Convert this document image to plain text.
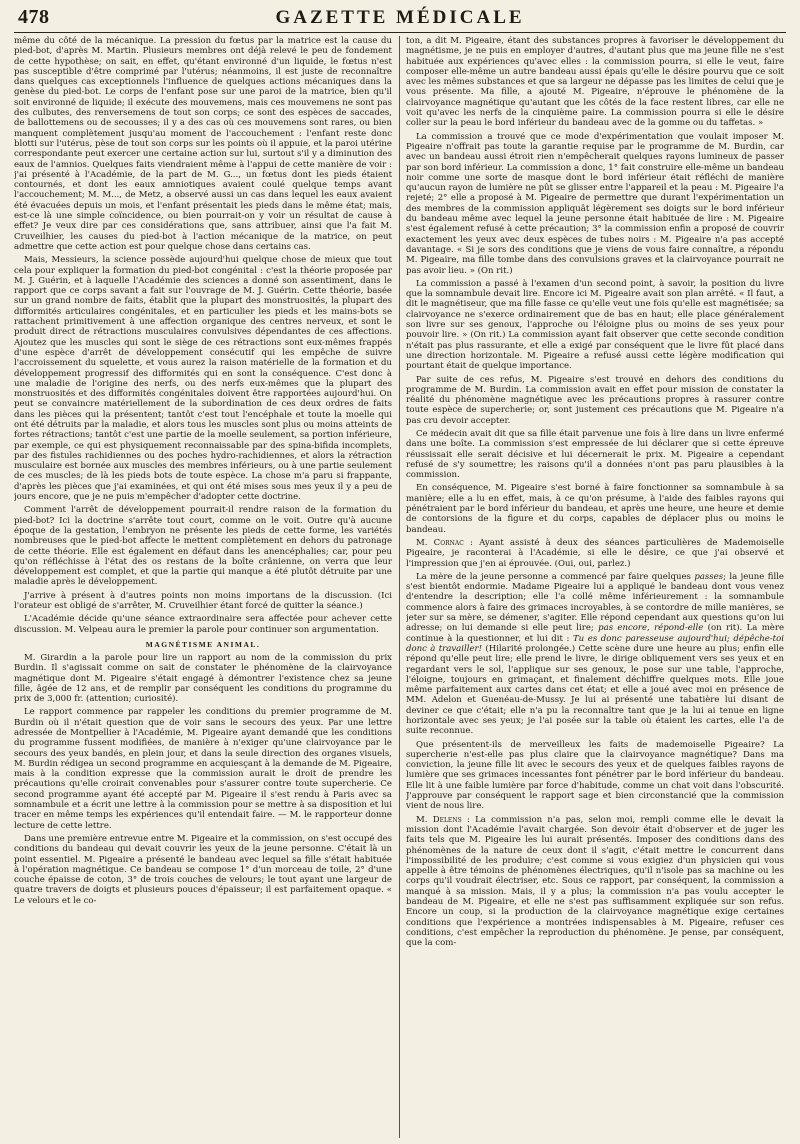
478	GAZETTE MÉDICALE

même du côté de la mécanique. La pression du fœtus par la matrice est la cause du pied-bot, d'après M. Martin. Plusieurs membres ont déjà relevé le peu de fondement de cette hypothèse; on sait, en effet, qu'étant environné d'un liquide, le fœtus n'est pas susceptible d'être comprimé par l'utérus; néanmoins, il est juste de reconnaître dans quelques cas exceptionnels l'influence de quelques actions mécaniques dans la genèse du pied-bot. Le corps de l'enfant pose sur une paroi de la matrice, bien qu'il soit environné de liquide; il exécute des mouvemens, mais ces mouvemens ne sont pas des culbutes, des renversemens de tout son corps; ce sont des espèces de saccades, de ballottemens ou de secousses; il y a des cas où ces mouvemens sont rares, ou bien manquent complètement jusqu'au moment de l'accouchement : l'enfant reste donc blotti sur l'utérus, pèse de tout son corps sur les points où il appuie, et la paroi utérine correspondante peut exercer une certaine action sur lui, surtout s'il y a diminution des eaux de l'amnios. Quelques faits viendraient même à l'appui de cette manière de voir : j'ai présenté à l'Académie, de la part de M. G..., un fœtus dont les pieds étaient contournés, et dont les eaux amniotiques avaient coulé quelque temps avant l'accouchement; M. M..., de Metz, a observé aussi un cas dans lequel les eaux avaient été évacuées depuis un mois, et l'enfant présentait les pieds dans le même état; mais, est-ce là une simple coïncidence, ou bien pourrait-on y voir un résultat de cause à effet? Je veux dire par ces considérations que, sans attribuer, ainsi que l'a fait M. Cruveilhier, les causes du pied-bot à l'action mécanique de la matrice, on peut admettre que cette action est pour quelque chose dans certains cas.

Mais, Messieurs, la science possède aujourd'hui quelque chose de mieux que tout cela pour expliquer la formation du pied-bot congénital : c'est la théorie proposée par M. J. Guérin, et à laquelle l'Académie des sciences a donné son assentiment, dans le rapport que ce corps savant a fait sur l'ouvrage de M. J. Guérin. Cette théorie, basée sur un grand nombre de faits, établit que la plupart des monstruosités, la plupart des difformités articulaires congénitales, et en particulier les pieds et les mains-bots se rattachent primitivement à une affection organique des centres nerveux, et sont le produit direct de rétractions musculaires convulsives dépendantes de ces affections. Ajoutez que les muscles qui sont le siège de ces rétractions sont eux-mêmes frappés d'une espèce d'arrêt de développement consécutif qui les empêche de suivre l'accroissement du squelette, et vous aurez la raison matérielle de la formation et du développement progressif des difformités qui en sont la conséquence. C'est donc à une maladie de l'origine des nerfs, ou des nerfs eux-mêmes que la plupart des monstruosités et des difformités congénitales doivent être rapportées aujourd'hui. On peut se convaincre matériellement de la subordination de ces deux ordres de faits dans les pièces qui la présentent; tantôt c'est tout l'encéphale et toute la moelle qui ont été détruits par la maladie, et alors tous les muscles sont plus ou moins atteints de fortes rétractions; tantôt c'est une partie de la moelle seulement, sa portion inférieure, par exemple, ce qui est physiquement reconnaissable par des spina-bifida incomplets, par des fistules rachidiennes ou des poches hydro-rachidiennes, et alors la rétraction musculaire est bornée aux muscles des membres inférieurs, ou à une partie seulement de ces muscles; de là les pieds bots de toute espèce. La chose m'a paru si frappante, d'après les pièces que j'ai examinées, et qui ont été mises sous mes yeux il y a peu de jours encore, que je ne puis m'empêcher d'adopter cette doctrine.

Comment l'arrêt de développement pourrait-il rendre raison de la formation du pied-bot? Ici la doctrine s'arrête tout court, comme on le voit. Outre qu'à aucune époque de la gestation, l'embryon ne présente les pieds de cette forme, les variétés nombreuses que le pied-bot affecte le mettent complètement en dehors du patronage de cette théorie. Elle est également en défaut dans les anencéphalies; car, pour peu qu'on réfléchisse à l'état des os restans de la boîte crânienne, on verra que leur développement est complet, et que la partie qui manque a été plutôt détruite par une maladie après le développement.

J'arrive à présent à d'autres points non moins importans de la discussion. (Ici l'orateur est obligé de s'arrêter, M. Cruveilhier étant forcé de quitter la séance.)

L'Académie décide qu'une séance extraordinaire sera affectée pour achever cette discussion. M. Velpeau aura le premier la parole pour continuer son argumentation.

MAGNÉTISME ANIMAL.

M. Girardin a la parole pour lire un rapport au nom de la commission du prix Burdin. Il s'agissait comme on sait de constater le phénomène de la clairvoyance magnétique dont M. Pigeaire s'était engagé à démontrer l'existence chez sa jeune fille, âgée de 12 ans, et de remplir par conséquent les conditions du programme du prix de 3,000 fr. (attention; curiosité).

Le rapport commence par rappeler les conditions du premier programme de M. Burdin où il n'était question que de voir sans le secours des yeux. Par une lettre adressée de Montpellier à l'Académie, M. Pigeaire ayant demandé que les conditions du programme fussent modifiées, de manière à n'exiger qu'une clairvoyance par le secours des yeux bandés, en plein jour, et dans la seule direction des organes visuels, M. Burdin rédigea un second programme en acquiesçant à la demande de M. Pigeaire, mais à la condition expresse que la commission aurait le droit de prendre les précautions qu'elle croirait convenables pour s'assurer contre toute supercherie. Ce second programme ayant été accepté par M. Pigeaire il s'est rendu à Paris avec sa somnambule et a écrit une lettre à la commission pour se mettre à sa disposition et lui tracer en même temps les expériences qu'il entendait faire. — M. le rapporteur donne lecture de cette lettre.

Dans une première entrevue entre M. Pigeaire et la commission, on s'est occupé des conditions du bandeau qui devait couvrir les yeux de la jeune personne. C'était là un point essentiel. M. Pigeaire a présenté le bandeau avec lequel sa fille s'était habituée à l'opération magnétique. Ce bandeau se compose 1° d'un morceau de toile, 2° d'une couche épaisse de coton, 3° de trois couches de velours; le tout ayant une largeur de quatre travers de doigts et plusieurs pouces d'épaisseur; il est parfaitement opaque. « Le velours et le co-

ton, a dit M. Pigeaire, étant des substances propres à favoriser le développement du magnétisme, je ne puis en employer d'autres, d'autant plus que ma jeune fille ne s'est habituée aux expériences qu'avec elles : la commission pourra, si elle le veut, faire composer elle-même un autre bandeau aussi épais qu'elle le désire pourvu que ce soit avec les mêmes substances et que sa largeur ne dépasse pas les limites de celui que je vous présente. Ma fille, a ajouté M. Pigeaire, n'éprouve le phénomène de la clairvoyance magnétique qu'autant que les côtés de la face restent libres, car elle ne voit qu'avec les nerfs de la cinquième paire. La commission pourra si elle le désire coller sur la peau le bord inférieur du bandeau avec de la gomme ou du taffetas. »

La commission a trouvé que ce mode d'expérimentation que voulait imposer M. Pigeaire n'offrait pas toute la garantie requise par le programme de M. Burdin, car avec un bandeau aussi étroit rien n'empêcherait quelques rayons lumineux de passer par son bord inférieur. La commission a donc, 1° fait construire elle-même un bandeau noir comme une sorte de masque dont le bord inférieur était réfléchi de manière qu'aucun rayon de lumière ne pût se glisser entre l'appareil et la peau : M. Pigeaire l'a rejeté; 2° elle a proposé à M. Pigeaire de permettre que durant l'expérimentation un des membres de la commission appliquât légèrement ses doigts sur le bord inférieur du bandeau même avec lequel la jeune personne était habituée de lire : M. Pigeaire s'est également refusé à cette précaution; 3° la commission enfin a proposé de couvrir exactement les yeux avec deux espèces de tubes noirs : M. Pigeaire n'a pas accepté davantage. « Si je sors des conditions que je viens de vous faire connaître, a répondu M. Pigeaire, ma fille tombe dans des convulsions graves et la clairvoyance pourrait ne pas avoir lieu. » (On rit.)

La commission a passé à l'examen d'un second point, à savoir, la position du livre que la somnambule devait lire. Encore ici M. Pigeaire avait son plan arrêté. « Il faut, a dit le magnétiseur, que ma fille fasse ce qu'elle veut une fois qu'elle est magnétisée; sa clairvoyance ne s'exerce ordinairement que de bas en haut; elle place généralement son livre sur ses genoux, l'approche ou l'éloigne plus ou moins de ses yeux pour pouvoir lire. » (On rit.) La commission ayant fait observer que cette seconde condition n'était pas plus rassurante, et elle a exigé par conséquent que le livre fût placé dans une direction horizontale. M. Pigeaire a refusé aussi cette légère modification qui pourtant était de quelque importance.

Par suite de ces refus, M. Pigeaire s'est trouvé en dehors des conditions du programme de M. Burdin. La commission avait en effet pour mission de constater la réalité du phénomène magnétique avec les précautions propres à rassurer contre toute espèce de supercherie; or, sont justement ces précautions que M. Pigeaire n'a pas cru devoir accepter.

Ce médecin avait dit que sa fille était parvenue une fois à lire dans un livre enfermé dans une boîte. La commission s'est empressée de lui déclarer que si cette épreuve réussissait elle serait décisive et lui décernerait le prix. M. Pigeaire a cependant refusé de s'y soumettre; les raisons qu'il a données n'ont pas paru plausibles à la commission.

En conséquence, M. Pigeaire s'est borné à faire fonctionner sa somnambule à sa manière; elle a lu en effet, mais, à ce qu'on présume, à l'aide des faibles rayons qui pénétraient par le bord inférieur du bandeau, et après une heure, une heure et demie de contorsions de la figure et du corps, capables de déplacer plus ou moins le bandeau.

M. Cornac : Ayant assisté à deux des séances particulières de Mademoiselle Pigeaire, je raconterai à l'Académie, si elle le désire, ce que j'ai observé et l'impression que j'en ai éprouvée. (Oui, oui, parlez.)

La mère de la jeune personne a commencé par faire quelques passes; la jeune fille s'est bientôt endormie. Madame Pigeaire lui a appliqué le bandeau dont vous venez d'entendre la description; elle l'a collé même inférieurement : la somnambule commence alors à faire des grimaces incroyables, à se contordre de mille manières, se jeter sur sa mère, se démener, s'agiter. Elle répond cependant aux questions qu'on lui adresse; on lui demande si elle peut lire; pas encore, répond-elle (on rit). La mère continue à la questionner, et lui dit : Tu es donc paresseuse aujourd'hui; dépêche-toi donc à travailler! (Hilarité prolongée.) Cette scène dure une heure au plus; enfin elle répond qu'elle peut lire; elle prend le livre, le dirige obliquement vers ses yeux et en regardant vers le sol, l'applique sur ses genoux, le pose sur une table, l'approche, l'éloigne, toujours en grimaçant, et finalement déchiffre quelques mots. Elle joue même parfaitement aux cartes dans cet état; et elle a joué avec moi en présence de MM. Adelon et Guenéau-de-Mussy. Je lui ai présenté une tabatière lui disant de deviner ce que c'était; elle n'a pu la reconnaître tant que je la lui ai tenue en ligne horizontale avec ses yeux; je l'ai posée sur la table où étaient les cartes, elle l'a de suite reconnue.

Que présentent-ils de merveilleux les faits de mademoiselle Pigeaire? La supercherie n'est-elle pas plus claire que la clairvoyance magnétique? Dans ma conviction, la jeune fille lit avec le secours des yeux et de quelques faibles rayons de lumière que ses grimaces incessantes font pénétrer par le bord inférieur du bandeau. Elle lit à une faible lumière par force d'habitude, comme un chat voit dans l'obscurité. J'approuve par conséquent le rapport sage et bien circonstancié que la commission vient de nous lire.

M. Delens : La commission n'a pas, selon moi, rempli comme elle le devait la mission dont l'Académie l'avait chargée. Son devoir était d'observer et de juger les faits tels que M. Pigeaire les lui aurait présentés. Imposer des conditions dans des phénomènes de la nature de ceux dont il s'agit, c'était mettre le concurrent dans l'impossibilité de les produire; c'est comme si vous exigiez d'un physicien qui vous appelle à être témoins de phénomènes électriques, qu'il n'isole pas sa machine ou les corps qu'il voudrait électriser, etc. Sous ce rapport, par conséquent, la commission a manqué à sa mission. Mais, il y a plus; la commission n'a pas voulu accepter le bandeau de M. Pigeaire, et elle ne s'est pas suffisamment expliquée sur son refus. Encore un coup, si la production de la clairvoyance magnétique exige certaines conditions que l'expérience a montrées indispensables à M. Pigeaire, refuser ces conditions, c'est empêcher la reproduction du phénomène. Je pense, par conséquent, que la com-
